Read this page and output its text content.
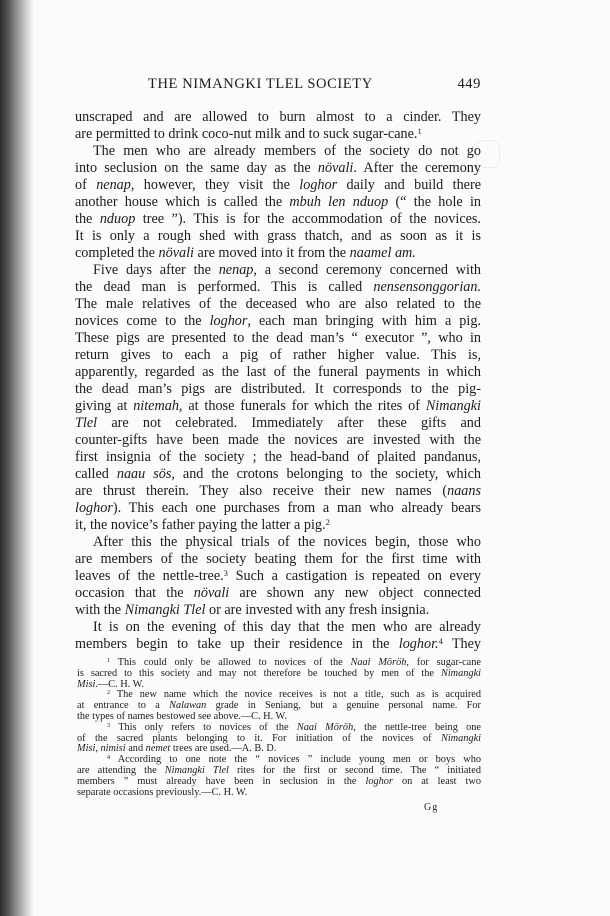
THE NIMANGKI TLEL SOCIETY	449
unscraped and are allowed to burn almost to a cinder. They
are permitted to drink coco-nut milk and to suck sugar-cane.$^1$
The men who are already members of the society do not go
into seclusion on the same day as the növali. After the ceremony
of nenap, however, they visit the loghor daily and build there
another house which is called the mbuh len nduop (“ the hole in
the nduop tree ”). This is for the accommodation of the novices.
It is only a rough shed with grass thatch, and as soon as it is
completed the növali are moved into it from the naamel am.
Five days after the nenap, a second ceremony concerned with
the dead man is performed. This is called nensensonggorian.
The male relatives of the deceased who are also related to the
novices come to the loghor, each man bringing with him a pig.
These pigs are presented to the dead man’s “ executor ”, who in
return gives to each a pig of rather higher value. This is,
apparently, regarded as the last of the funeral payments in which
the dead man’s pigs are distributed. It corresponds to the pig-
giving at nitemah, at those funerals for which the rites of Nimangki
Tlel are not celebrated. Immediately after these gifts and
counter-gifts have been made the novices are invested with the
first insignia of the society ; the head-band of plaited pandanus,
called naau sös, and the crotons belonging to the society, which
are thrust therein. They also receive their new names (naans
loghor). This each one purchases from a man who already bears
it, the novice’s father paying the latter a pig.$^2$
After this the physical trials of the novices begin, those who
are members of the society beating them for the first time with
leaves of the nettle-tree.$^3$ Such a castigation is repeated on every
occasion that the növali are shown any new object connected
with the Nimangki Tlel or are invested with any fresh insignia.
It is on the evening of this day that the men who are already
members begin to take up their residence in the loghor.$^4$ They
$^1$ This could only be allowed to novices of the Naai Möröh, for sugar-cane
is sacred to this society and may not therefore be touched by men of the Nimangki
Misi.—C. H. W.
$^2$ The new name which the novice receives is not a title, such as is acquired
at entrance to a Nalawan grade in Seniang, but a genuine personal name. For
the types of names bestowed see above.—C. H. W.
$^3$ This only refers to novices of the Naai Möröh, the nettle-tree being one
of the sacred plants belonging to it. For initiation of the novices of Nimangki
Misi, nimisi and nemet trees are used.—A. B. D.
$^4$ According to one note the “ novices ” include young men or boys who
are attending the Nimangki Tlel rites for the first or second time. The “ initiated
members ” must already have been in seclusion in the loghor on at least two
separate occasions previously.—C. H. W.
Gg
